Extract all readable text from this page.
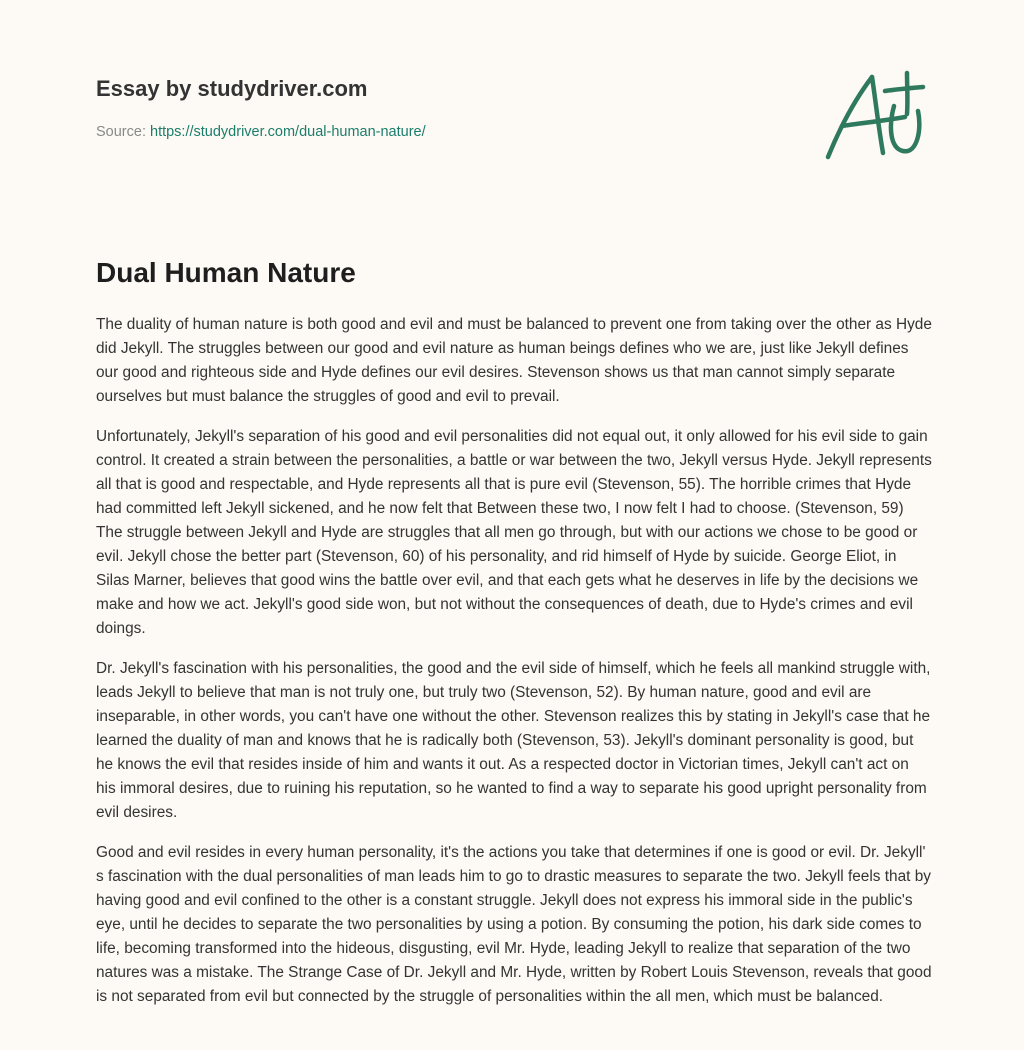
Essay by studydriver.com
Source: https://studydriver.com/dual-human-nature/
Dual Human Nature

The duality of human nature is both good and evil and must be balanced to prevent one from taking over the other as Hyde did Jekyll. The struggles between our good and evil nature as human beings defines who we are, just like Jekyll defines our good and righteous side and Hyde defines our evil desires. Stevenson shows us that man cannot simply separate ourselves but must balance the struggles of good and evil to prevail.

Unfortunately, Jekyll's separation of his good and evil personalities did not equal out, it only allowed for his evil side to gain control. It created a strain between the personalities, a battle or war between the two, Jekyll versus Hyde. Jekyll represents all that is good and respectable, and Hyde represents all that is pure evil (Stevenson, 55). The horrible crimes that Hyde had committed left Jekyll sickened, and he now felt that Between these two, I now felt I had to choose. (Stevenson, 59) The struggle between Jekyll and Hyde are struggles that all men go through, but with our actions we chose to be good or evil. Jekyll chose the better part (Stevenson, 60) of his personality, and rid himself of Hyde by suicide. George Eliot, in Silas Marner, believes that good wins the battle over evil, and that each gets what he deserves in life by the decisions we make and how we act. Jekyll's good side won, but not without the consequences of death, due to Hyde's crimes and evil doings.

Dr. Jekyll's fascination with his personalities, the good and the evil side of himself, which he feels all mankind struggle with, leads Jekyll to believe that man is not truly one, but truly two (Stevenson, 52). By human nature, good and evil are inseparable, in other words, you can't have one without the other. Stevenson realizes this by stating in Jekyll's case that he learned the duality of man and knows that he is radically both (Stevenson, 53). Jekyll's dominant personality is good, but he knows the evil that resides inside of him and wants it out. As a respected doctor in Victorian times, Jekyll can't act on his immoral desires, due to ruining his reputation, so he wanted to find a way to separate his good upright personality from evil desires.

Good and evil resides in every human personality, it's the actions you take that determines if one is good or evil. Dr. Jekyll' s fascination with the dual personalities of man leads him to go to drastic measures to separate the two. Jekyll feels that by having good and evil confined to the other is a constant struggle. Jekyll does not express his immoral side in the public's eye, until he decides to separate the two personalities by using a potion. By consuming the potion, his dark side comes to life, becoming transformed into the hideous, disgusting, evil Mr. Hyde, leading Jekyll to realize that separation of the two natures was a mistake. The Strange Case of Dr. Jekyll and Mr. Hyde, written by Robert Louis Stevenson, reveals that good is not separated from evil but connected by the struggle of personalities within the all men, which must be balanced.
